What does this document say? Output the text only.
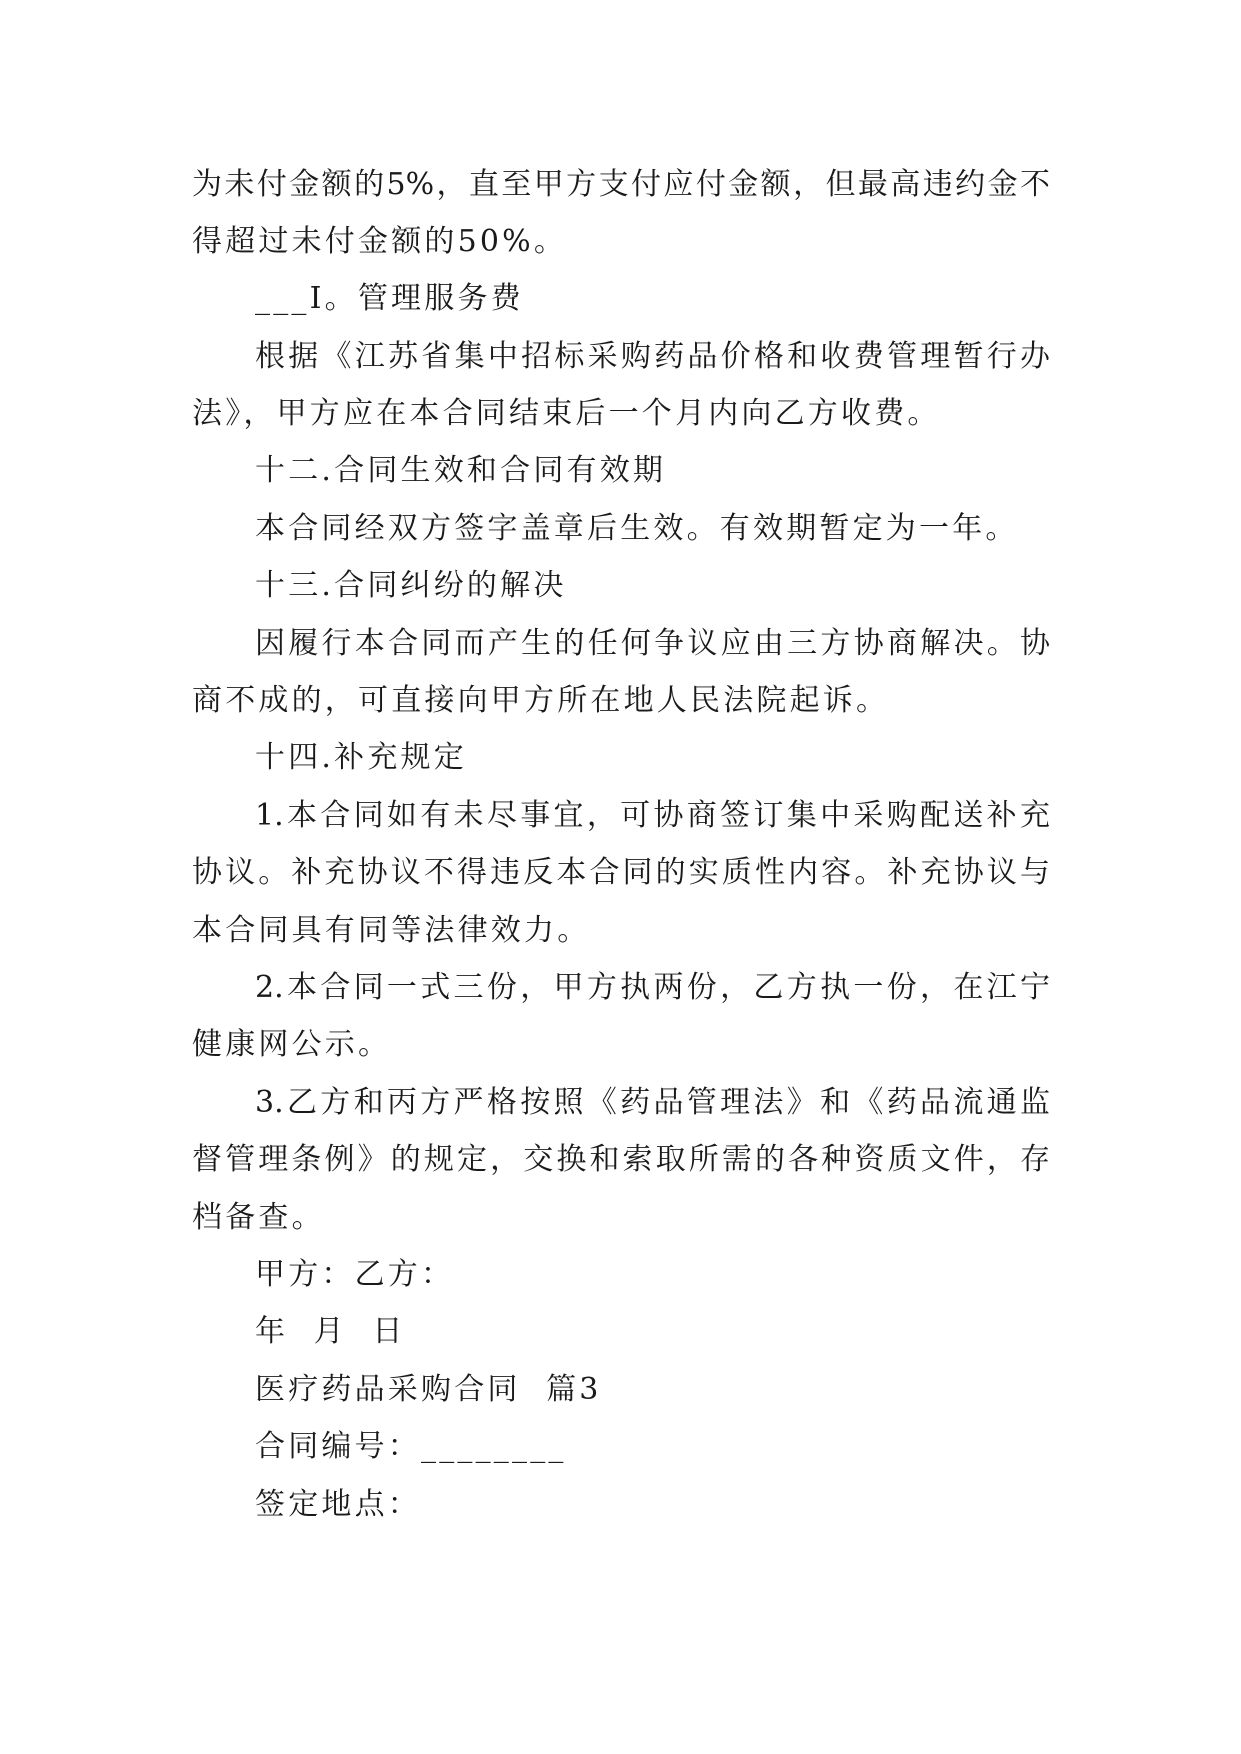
为未付金额的5%，直至甲方支付应付金额，但最高违约金不

得超过未付金额的50%。

___I。管理服务费

根据《江苏省集中招标采购药品价格和收费管理暂行办

法》，甲方应在本合同结束后一个月内向乙方收费。

十二.合同生效和合同有效期

本合同经双方签字盖章后生效。有效期暂定为一年。

十三.合同纠纷的解决

因履行本合同而产生的任何争议应由三方协商解决。协

商不成的，可直接向甲方所在地人民法院起诉。

十四.补充规定

1.本合同如有未尽事宜，可协商签订集中采购配送补充

协议。补充协议不得违反本合同的实质性内容。补充协议与

本合同具有同等法律效力。

2.本合同一式三份，甲方执两份，乙方执一份，在江宁

健康网公示。

3.乙方和丙方严格按照《药品管理法》和《药品流通监

督管理条例》的规定，交换和索取所需的各种资质文件，存

档备查。

甲方：乙方：

年  月  日

医疗药品采购合同  篇3

合同编号：________

签定地点：
